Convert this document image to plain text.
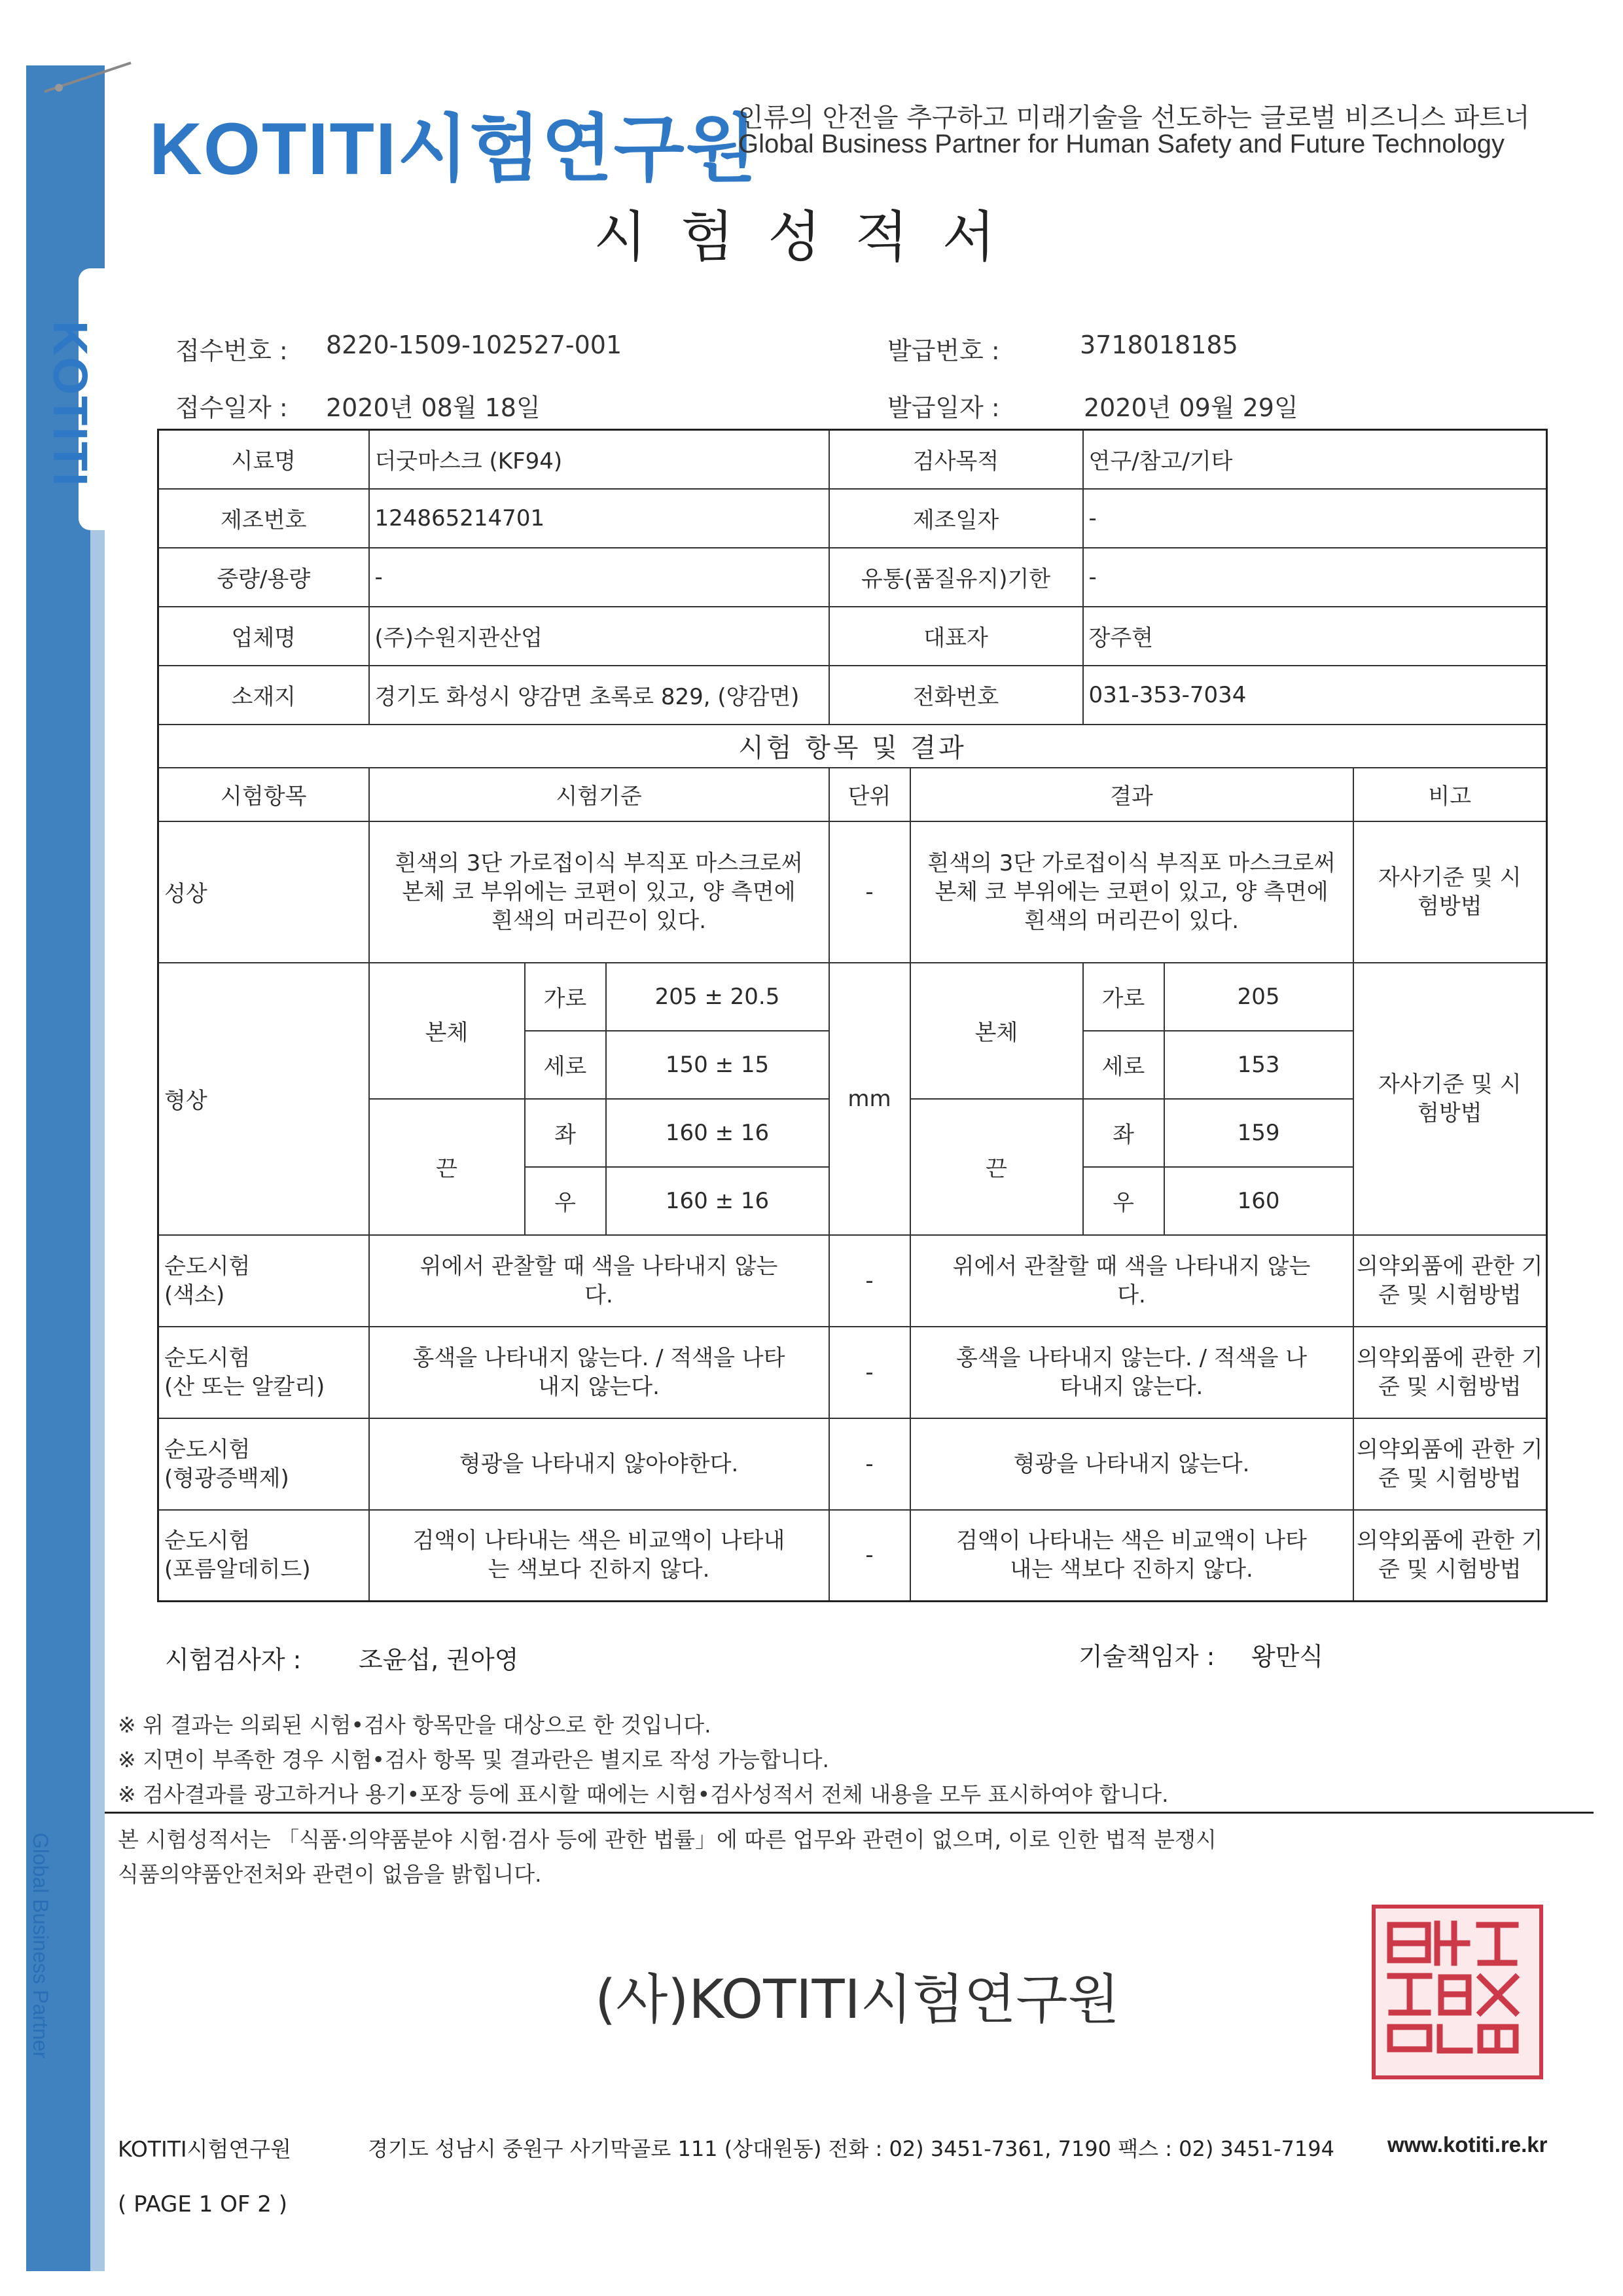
KOTITI
Global Business Partner
KOTITI시험연구원
인류의 안전을 추구하고 미래기술을 선도하는 글로벌 비즈니스 파트너
Global Business Partner for Human Safety and Future Technology
시험성적서
접수번호 : 8220-1509-102527-001	발급번호 :	3718018185
접수일자 : 2020년 08월 18일	발급일자 :	2020년 09월 29일
시료명	더굿마스크 (KF94)			검사목적		연구/참고/기타		
제조번호	124865214701			제조일자		-		
중량/용량	-			유통(품질유지)기한		-		
업체명	(주)수원지관산업			대표자		장주현		
소재지	경기도 화성시 양감면 초록로 829, (양감면)			전화번호		031-353-7034		
시험 항목 및 결과								
시험항목	시험기준			단위	결과			비고
성상	흰색의 3단 가로접이식 부직포 마스크로써 본체 코 부위에는 코편이 있고, 양 측면에 흰색의 머리끈이 있다.			-	흰색의 3단 가로접이식 부직포 마스크로써 본체 코 부위에는 코편이 있고, 양 측면에 흰색의 머리끈이 있다.			자사기준 및 시험방법
형상	본체	가로	205 ± 20.5	mm	본체	가로	205	자사기준 및 시험방법
		세로	150 ± 15			세로	153	
	끈	좌	160 ± 16		끈	좌	159	
		우	160 ± 16			우	160	
순도시험
(색소)	위에서 관찰할 때 색을 나타내지 않는다.			-	위에서 관찰할 때 색을 나타내지 않는다.			의약외품에 관한 기준 및 시험방법
순도시험
(산 또는 알칼리)	홍색을 나타내지 않는다. / 적색을 나타내지 않는다.			-	홍색을 나타내지 않는다. / 적색을 나타내지 않는다.			의약외품에 관한 기준 및 시험방법
순도시험
(형광증백제)	형광을 나타내지 않아야한다.			-	형광을 나타내지 않는다.			의약외품에 관한 기준 및 시험방법
순도시험
(포름알데히드)	검액이 나타내는 색은 비교액이 나타내는 색보다 진하지 않다.			-	검액이 나타내는 색은 비교액이 나타내는 색보다 진하지 않다.			의약외품에 관한 기준 및 시험방법
시험검사자 : 조윤섭, 권아영	기술책임자 : 왕만식
※ 위 결과는 의뢰된 시험•검사 항목만을 대상으로 한 것입니다.
※ 지면이 부족한 경우 시험•검사 항목 및 결과란은 별지로 작성 가능합니다.
※ 검사결과를 광고하거나 용기•포장 등에 표시할 때에는 시험•검사성적서 전체 내용을 모두 표시하여야 합니다.
본 시험성적서는 「식품·의약품분야 시험·검사 등에 관한 법률」에 따른 업무와 관련이 없으며, 이로 인한 법적 분쟁시
식품의약품안전처와 관련이 없음을 밝힙니다.
(사)KOTITI시험연구원
KOTITI시험연구원	경기도 성남시 중원구 사기막골로 111 (상대원동) 전화 : 02) 3451-7361, 7190 팩스 : 02) 3451-7194 www.kotiti.re.kr
( PAGE 1 OF 2 )
